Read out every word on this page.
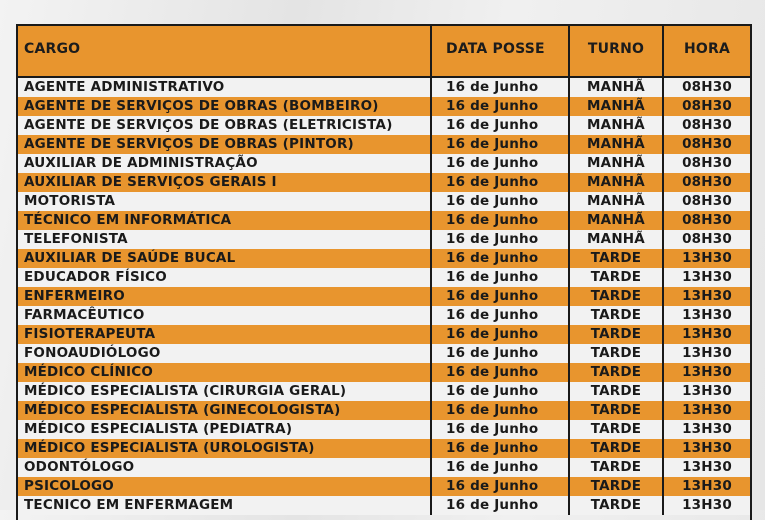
CARGO	DATA POSSE	TURNO	HORA
AGENTE ADMINISTRATIVO	16 de Junho	MANHÃ	08H30
AGENTE DE SERVIÇOS DE OBRAS (BOMBEIRO)	16 de Junho	MANHÃ	08H30
AGENTE DE SERVIÇOS DE OBRAS (ELETRICISTA)	16 de Junho	MANHÃ	08H30
AGENTE DE SERVIÇOS DE OBRAS (PINTOR)	16 de Junho	MANHÃ	08H30
AUXILIAR DE ADMINISTRAÇÃO	16 de Junho	MANHÃ	08H30
AUXILIAR DE SERVIÇOS GERAIS I	16 de Junho	MANHÃ	08H30
MOTORISTA	16 de Junho	MANHÃ	08H30
TÉCNICO EM INFORMÁTICA	16 de Junho	MANHÃ	08H30
TELEFONISTA	16 de Junho	MANHÃ	08H30
AUXILIAR DE SAÚDE BUCAL	16 de Junho	TARDE	13H30
EDUCADOR FÍSICO	16 de Junho	TARDE	13H30
ENFERMEIRO	16 de Junho	TARDE	13H30
FARMACÊUTICO	16 de Junho	TARDE	13H30
FISIOTERAPEUTA	16 de Junho	TARDE	13H30
FONOAUDIÓLOGO	16 de Junho	TARDE	13H30
MÉDICO CLÍNICO	16 de Junho	TARDE	13H30
MÉDICO ESPECIALISTA (CIRURGIA GERAL)	16 de Junho	TARDE	13H30
MÉDICO ESPECIALISTA (GINECOLOGISTA)	16 de Junho	TARDE	13H30
MÉDICO ESPECIALISTA (PEDIATRA)	16 de Junho	TARDE	13H30
MÉDICO ESPECIALISTA (UROLOGISTA)	16 de Junho	TARDE	13H30
ODONTÓLOGO	16 de Junho	TARDE	13H30
PSICOLOGO	16 de Junho	TARDE	13H30
TECNICO EM ENFERMAGEM	16 de Junho	TARDE	13H30
